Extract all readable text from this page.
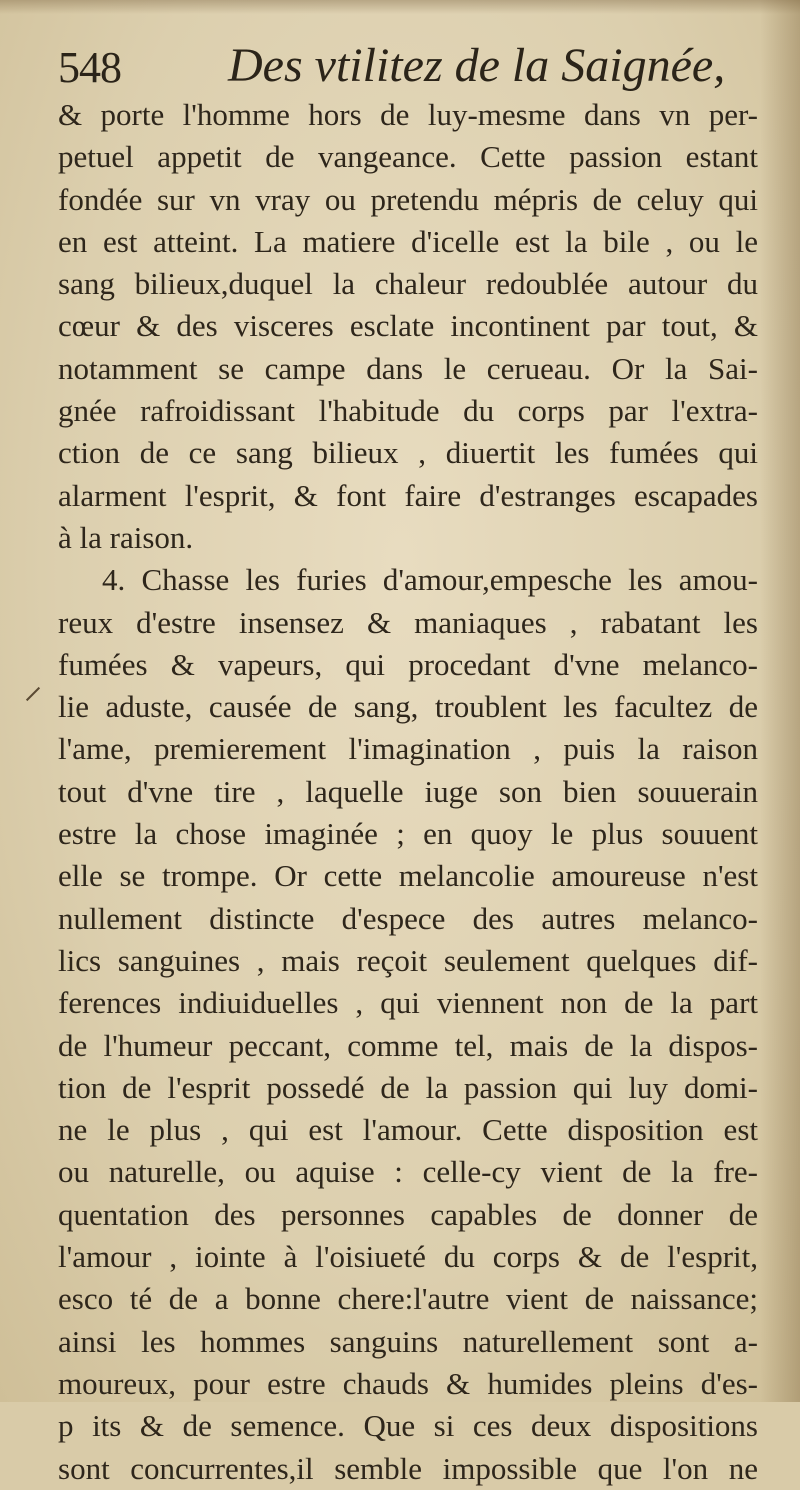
548 Des vtilitez de la Saignée,
& porte l'homme hors de luy-mesme dans vn per-
petuel appetit de vangeance. Cette passion estant
fondée sur vn vray ou pretendu mépris de celuy qui
en est atteint. La matiere d'icelle est la bile , ou le
sang bilieux,duquel la chaleur redoublée autour du
cœur & des visceres esclate incontinent par tout, &
notamment se campe dans le cerueau. Or la Sai-
gnée rafroidissant l'habitude du corps par l'extra-
ction de ce sang bilieux , diuertit les fumées qui
alarment l'esprit, & font faire d'estranges escapades
à la raison.
4. Chasse les furies d'amour,empesche les amou-
reux d'estre insensez & maniaques , rabatant les
fumées & vapeurs, qui procedant d'vne melanco-
lie aduste, causée de sang, troublent les facultez de
l'ame, premierement l'imagination , puis la raison
tout d'vne tire , laquelle iuge son bien souuerain
estre la chose imaginée ; en quoy le plus souuent
elle se trompe. Or cette melancolie amoureuse n'est
nullement distincte d'espece des autres melanco-
lics sanguines , mais reçoit seulement quelques dif-
ferences indiuiduelles , qui viennent non de la part
de l'humeur peccant, comme tel, mais de la dispos-
tion de l'esprit possedé de la passion qui luy domi-
ne le plus , qui est l'amour. Cette disposition est
ou naturelle, ou aquise : celle-cy vient de la fre-
quentation des personnes capables de donner de
l'amour , iointe à l'oisiueté du corps & de l'esprit,
esco té de a bonne chere:l'autre vient de naissance;
ainsi les hommes sanguins naturellement sont a-
moureux, pour estre chauds & humides pleins d'es-
p its & de semence. Que si ces deux dispositions
sont concurrentes,il semble impossible que l'on ne
